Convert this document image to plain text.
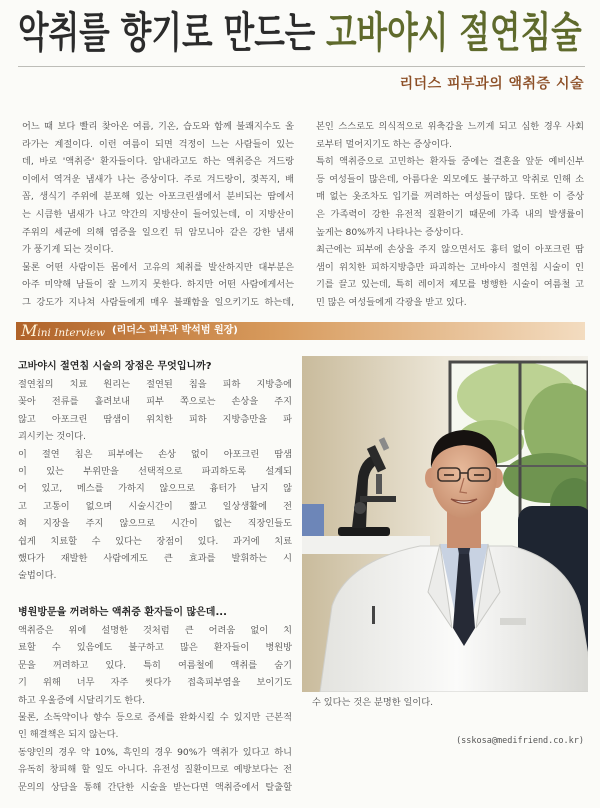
악취를 향기로 만드는 고바야시 절연침술
리더스 피부과의 액취증 시술
어느 때 보다 빨리 찾아온 여름, 기온, 습도와 함께 불쾌지수도 올
라가는 계절이다. 이런 여름이 되면 걱정이 느는 사람들이 있는
데, 바로 '액취증' 환자들이다. 암내라고도 하는 액취증은 겨드랑
이에서 역겨운 냄새가 나는 증상이다. 주로 겨드랑이, 젖꼭지, 배
꼽, 생식기 주위에 분포해 있는 아포크린샘에서 분비되는 땀에서
는 시큼한 냄새가 나고 약간의 지방산이 들어있는데, 이 지방산이
주위의 세균에 의해 염증을 일으킨 뒤 암모니아 같은 강한 냄새
가 풍기게 되는 것이다.
물론 어떤 사람이든 몸에서 고유의 체취를 발산하지만 대부분은
아주 미약해 남들이 잘 느끼지 못한다. 하지만 어떤 사람에게서는
그 강도가 지나쳐 사람들에게 매우 불쾌함을 일으키기도 하는데,
본인 스스로도 의식적으로 위축감을 느끼게 되고 심한 경우 사회
로부터 멀어지기도 하는 증상이다.
특히 액취증으로 고민하는 환자들 중에는 결혼을 앞둔 예비신부
등 여성들이 많은데, 아름다운 외모에도 불구하고 악취로 인해 소
매 없는 옷조차도 입기를 꺼려하는 여성들이 많다. 또한 이 증상
은 가족력이 강한 유전적 질환이기 때문에 가족 내의 발생률이
높게는 80%까지 나타나는 증상이다.
최근에는 피부에 손상을 주지 않으면서도 흉터 없이 아포크린 땀
샘이 위치한 피하지방층만 파괴하는 고바야시 절연침 시술이 인
기를 끌고 있는데, 특히 레이저 제모를 병행한 시술이 여름철 고
민 많은 여성들에게 각광을 받고 있다.
Mini Interview (리더스 피부과 박석범 원장)
고바야시 절연침 시술의 장점은 무엇입니까?
절연침의 치료 원리는 절연된 침을 피하 지방층에
꽂아 전류를 흘려보내 피부 쪽으로는 손상을 주지
않고 아포크린 땀샘이 위치한 피하 지방층만을 파
괴시키는 것이다.
이 절연 침은 피부에는 손상 없이 아포크린 땀샘
이 있는 부위만을 선택적으로 파괴하도록 설계되
어 있고, 메스를 가하지 않으므로 흉터가 남지 않
고 고통이 없으며 시술시간이 짧고 일상생활에 전
혀 지장을 주지 않으므로 시간이 없는 직장인들도
쉽게 치료할 수 있다는 장점이 있다. 과거에 치료
했다가 재발한 사람에게도 큰 효과를 발휘하는 시
술법이다.
병원방문을 꺼려하는 액취증 환자들이 많은데...
액취증은 위에 설명한 것처럼 큰 어려움 없이 치
료할 수 있음에도 불구하고 많은 환자들이 병원방
문을 꺼려하고 있다. 특히 여름철에 액취를 숨기
기 위해 너무 자주 씻다가 접촉피부염을 보이기도
하고 우울증에 시달리기도 한다.
물론, 소독약이나 향수 등으로 증세를 완화시킬 수 있지만 근본적
인 해결책은 되지 않는다.
동양인의 경우 약 10%, 흑인의 경우 90%가 액취가 있다고 하니
유독히 창피해 할 일도 아니다. 유전성 질환이므로 예방보다는 전
문의의 상담을 통해 간단한 시술을 받는다면 액취증에서 탈출할
수 있다는 것은 분명한 일이다.
(sskosa@medifriend.co.kr)
